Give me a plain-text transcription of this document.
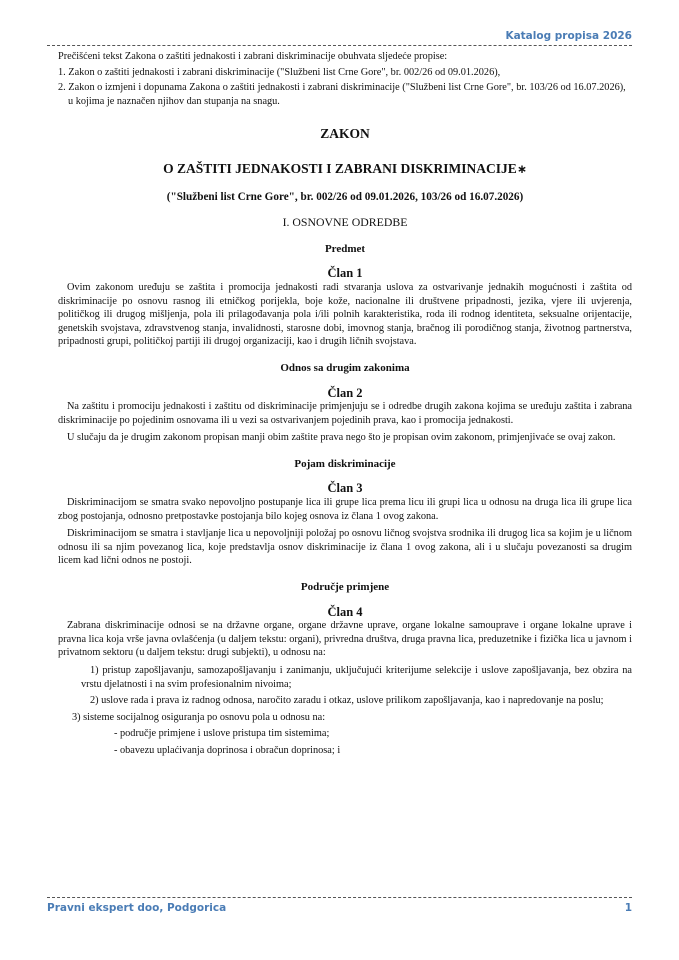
Katalog propisa 2026

Prečišćeni tekst Zakona o zaštiti jednakosti i zabrani diskriminacije obuhvata sljedeće propise:

1. Zakon o zaštiti jednakosti i zabrani diskriminacije ("Službeni list Crne Gore", br. 002/26 od 09.01.2026),

2. Zakon o izmjeni i dopunama Zakona o zaštiti jednakosti i zabrani diskriminacije ("Službeni list Crne Gore", br. 103/26 od 16.07.2026), u kojima je naznačen njihov dan stupanja na snagu.

ZAKON

O ZAŠTITI JEDNAKOSTI I ZABRANI DISKRIMINACIJE∗

("Službeni list Crne Gore", br. 002/26 od 09.01.2026, 103/26 od 16.07.2026)

I. OSNOVNE ODREDBE

Predmet

Član 1

Ovim zakonom uređuju se zaštita i promocija jednakosti radi stvaranja uslova za ostvarivanje jednakih mogućnosti i zaštita od diskriminacije po osnovu rasnog ili etničkog porijekla, boje kože, nacionalne ili društvene pripadnosti, jezika, vjere ili uvjerenja, političkog ili drugog mišljenja, pola ili prilagođavanja pola i/ili polnih karakteristika, roda ili rodnog identiteta, seksualne orijentacije, genetskih svojstava, zdravstvenog stanja, invalidnosti, starosne dobi, imovnog stanja, bračnog ili porodičnog stanja, životnog partnerstva, pripadnosti grupi, političkoj partiji ili drugoj organizaciji, kao i drugih ličnih svojstava.

Odnos sa drugim zakonima

Član 2

Na zaštitu i promociju jednakosti i zaštitu od diskriminacije primjenjuju se i odredbe drugih zakona kojima se uređuju zaštita i zabrana diskriminacije po pojedinim osnovama ili u vezi sa ostvarivanjem pojedinih prava, kao i promocija jednakosti.

U slučaju da je drugim zakonom propisan manji obim zaštite prava nego što je propisan ovim zakonom, primjenjivaće se ovaj zakon.

Pojam diskriminacije

Član 3

Diskriminacijom se smatra svako nepovoljno postupanje lica ili grupe lica prema licu ili grupi lica u odnosu na druga lica ili grupe lica zbog postojanja, odnosno pretpostavke postojanja bilo kojeg osnova iz člana 1 ovog zakona.

Diskriminacijom se smatra i stavljanje lica u nepovoljniji položaj po osnovu ličnog svojstva srodnika ili drugog lica sa kojim je u ličnom odnosu ili sa njim povezanog lica, koje predstavlja osnov diskriminacije iz člana 1 ovog zakona, ali i u slučaju povezanosti sa drugim licem kad lični odnos ne postoji.

Područje primjene

Član 4

Zabrana diskriminacije odnosi se na državne organe, organe državne uprave, organe lokalne samouprave i organe lokalne uprave i pravna lica koja vrše javna ovlašćenja (u daljem tekstu: organi), privredna društva, druga pravna lica, preduzetnike i fizička lica u javnom i privatnom sektoru (u daljem tekstu: drugi subjekti), u odnosu na:

1) pristup zapošljavanju, samozapošljavanju i zanimanju, uključujući kriterijume selekcije i uslove zapošljavanja, bez obzira na vrstu djelatnosti i na svim profesionalnim nivoima;

2) uslove rada i prava iz radnog odnosa, naročito zaradu i otkaz, uslove prilikom zapošljavanja, kao i napredovanje na poslu;

3) sisteme socijalnog osiguranja po osnovu pola u odnosu na:

- područje primjene i uslove pristupa tim sistemima;

- obavezu uplaćivanja doprinosa i obračun doprinosa; i

Pravni ekspert doo, Podgorica	1
